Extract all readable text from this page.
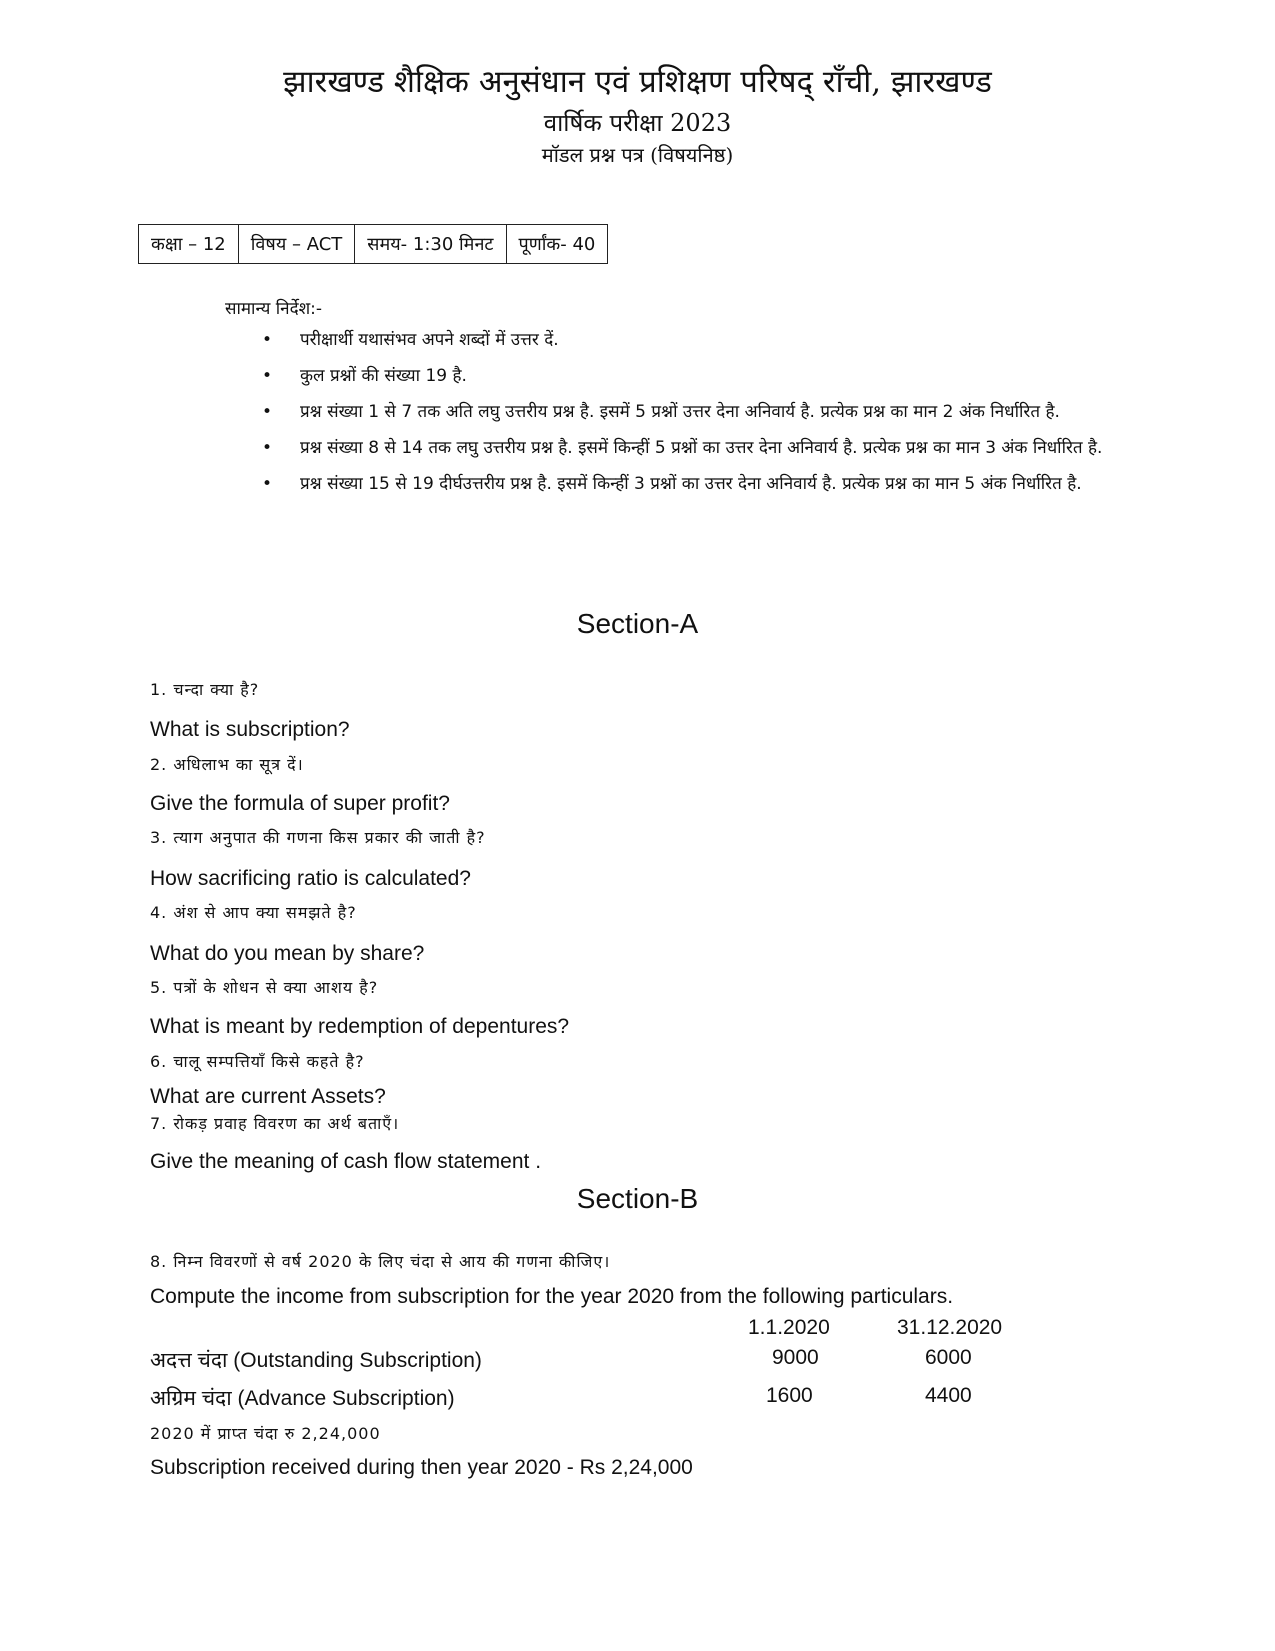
झारखण्ड शैक्षिक अनुसंधान एवं प्रशिक्षण परिषद् राँची, झारखण्ड
वार्षिक परीक्षा 2023
मॉडल प्रश्न पत्र (विषयनिष्ठ)
कक्षा – 12	विषय – ACT	समय- 1:30 मिनट	पूर्णांक- 40
सामान्य निर्देश:-
• परीक्षार्थी यथासंभव अपने शब्दों में उत्तर दें.
• कुल प्रश्नों की संख्या 19 है.
• प्रश्न संख्या 1 से 7 तक अति लघु उत्तरीय प्रश्न है. इसमें 5 प्रश्नों उत्तर देना अनिवार्य है. प्रत्येक प्रश्न का मान 2 अंक निर्धारित है.
• प्रश्न संख्या 8 से 14 तक लघु उत्तरीय प्रश्न है. इसमें किन्हीं 5 प्रश्नों का उत्तर देना अनिवार्य है. प्रत्येक प्रश्न का मान 3 अंक निर्धारित है.
• प्रश्न संख्या 15 से 19 दीर्घउत्तरीय प्रश्न है. इसमें किन्हीं 3 प्रश्नों का उत्तर देना अनिवार्य है. प्रत्येक प्रश्न का मान 5 अंक निर्धारित है.
Section-A
1. चन्दा क्या है?
What is subscription?
2. अधिलाभ का सूत्र दें।
Give the formula of super profit?
3. त्याग अनुपात की गणना किस प्रकार की जाती है?
How sacrificing ratio is calculated?
4. अंश से आप क्या समझते है?
What do you mean by share?
5. पत्रों के शोधन से क्या आशय है?
What is meant by redemption of depentures?
6. चालू सम्पत्तियाँ किसे कहते है?
What are current Assets?
7. रोकड़ प्रवाह विवरण का अर्थ बताएँ।
Give the meaning of cash flow statement .
Section-B
8. निम्न विवरणों से वर्ष 2020 के लिए चंदा से आय की गणना कीजिए।
Compute the income from subscription for the year 2020 from the following particulars.
1.1.2020	31.12.2020
अदत्त चंदा (Outstanding Subscription)	9000	6000
अग्रिम चंदा (Advance Subscription)	1600	4400
2020 में प्राप्त चंदा रु 2,24,000
Subscription received during then year 2020 - Rs 2,24,000
